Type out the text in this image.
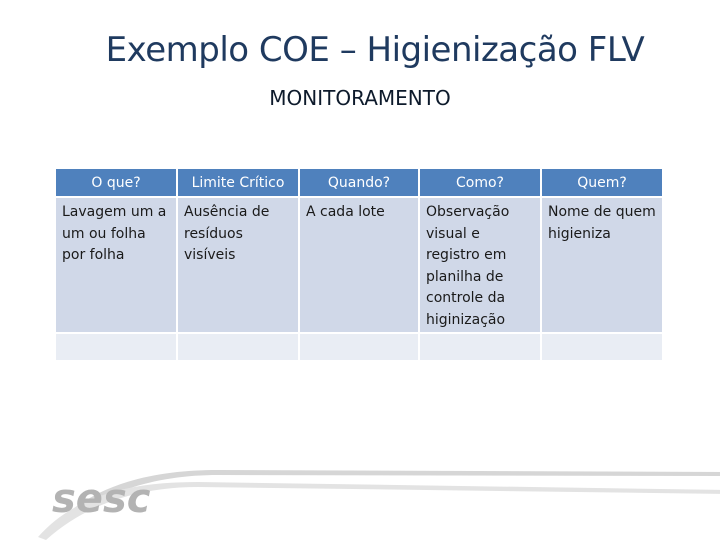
Exemplo COE – Higienização FLV
MONITORAMENTO
O que?	Limite Crítico	Quando?	Como?	Quem?
Lavagem um a um ou folha por folha	Ausência de resíduos visíveis	A cada lote	Observação visual e registro em planilha de controle da higinização	Nome de quem higieniza

sesc
